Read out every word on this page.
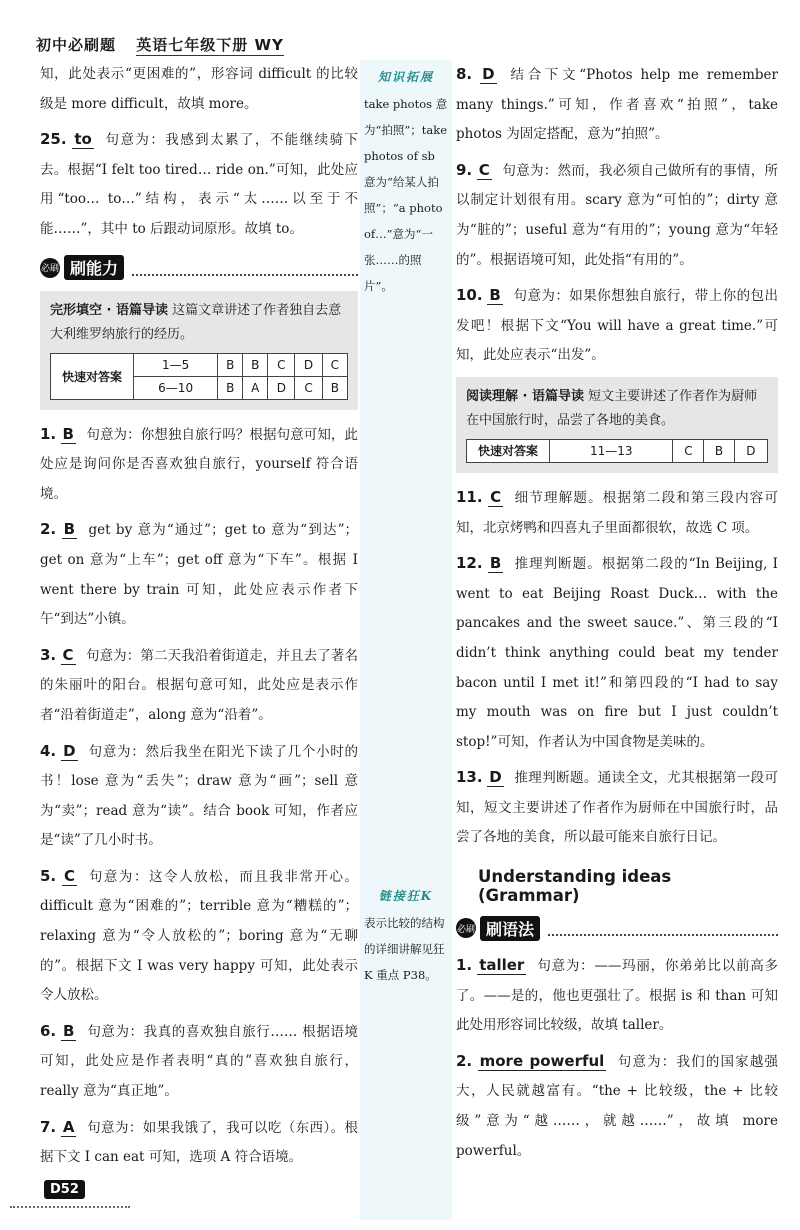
初中必刷题 英语七年级下册 WY
知识拓展
take photos 意为“拍照”；take photos of sb 意为“给某人拍照”；“a photo of…”意为“一张……的照片”。
链接狂K
表示比较的结构的详细讲解见狂 K 重点 P38。
知，此处表示“更困难的”，形容词 difficult 的比较级是 more difficult，故填 more。
25. to 句意为：我感到太累了，不能继续骑下去。根据“I felt too tired… ride on.”可知，此处应用“too… to…”结构，表示“太……以至于不能……”，其中 to 后跟动词原形。故填 to。
必刷 刷能力
完形填空 · 语篇导读 这篇文章讲述了作者独自去意大利维罗纳旅行的经历。
快速对答案	1—5	B	B	C	D	C
	6—10	B	A	D	C	B
1. B 句意为：你想独自旅行吗？根据句意可知，此处应是询问你是否喜欢独自旅行，yourself 符合语境。
2. B get by 意为“通过”；get to 意为“到达”；get on 意为“上车”；get off 意为“下车”。根据 I went there by train 可知，此处应表示作者下午“到达”小镇。
3. C 句意为：第二天我沿着街道走，并且去了著名的朱丽叶的阳台。根据句意可知，此处应是表示作者“沿着街道走”，along 意为“沿着”。
4. D 句意为：然后我坐在阳光下读了几个小时的书！lose 意为“丢失”；draw 意为“画”；sell 意为“卖”；read 意为“读”。结合 book 可知，作者应是“读”了几小时书。
5. C 句意为：这令人放松，而且我非常开心。difficult 意为“困难的”；terrible 意为“糟糕的”；relaxing 意为“令人放松的”；boring 意为“无聊的”。根据下文 I was very happy 可知，此处表示令人放松。
6. B 句意为：我真的喜欢独自旅行…… 根据语境可知，此处应是作者表明“真的”喜欢独自旅行，really 意为“真正地”。
7. A 句意为：如果我饿了，我可以吃（东西）。根据下文 I can eat 可知，选项 A 符合语境。
8. D 结合下文“Photos help me remember many things.”可知，作者喜欢“拍照”，take photos 为固定搭配，意为“拍照”。
9. C 句意为：然而，我必须自己做所有的事情，所以制定计划很有用。scary 意为“可怕的”；dirty 意为“脏的”；useful 意为“有用的”；young 意为“年轻的”。根据语境可知，此处指“有用的”。
10. B 句意为：如果你想独自旅行，带上你的包出发吧！根据下文“You will have a great time.”可知，此处应表示“出发”。
阅读理解 · 语篇导读 短文主要讲述了作者作为厨师在中国旅行时，品尝了各地的美食。
快速对答案	11—13	C	B	D
11. C 细节理解题。根据第二段和第三段内容可知，北京烤鸭和四喜丸子里面都很软，故选 C 项。
12. B 推理判断题。根据第二段的“In Beijing, I went to eat Beijing Roast Duck… with the pancakes and the sweet sauce.”、第三段的“I didn’t think anything could beat my tender bacon until I met it!”和第四段的“I had to say my mouth was on fire but I just couldn’t stop!”可知，作者认为中国食物是美味的。
13. D 推理判断题。通读全文，尤其根据第一段可知，短文主要讲述了作者作为厨师在中国旅行时，品尝了各地的美食，所以最可能来自旅行日记。
Understanding ideas (Grammar)
必刷 刷语法
1. taller 句意为：——玛丽，你弟弟比以前高多了。——是的，他也更强壮了。根据 is 和 than 可知此处用形容词比较级，故填 taller。
2. more powerful 句意为：我们的国家越强大，人民就越富有。“the + 比较级，the + 比较级”意为“越……，就越……”，故填 more powerful。
D52
